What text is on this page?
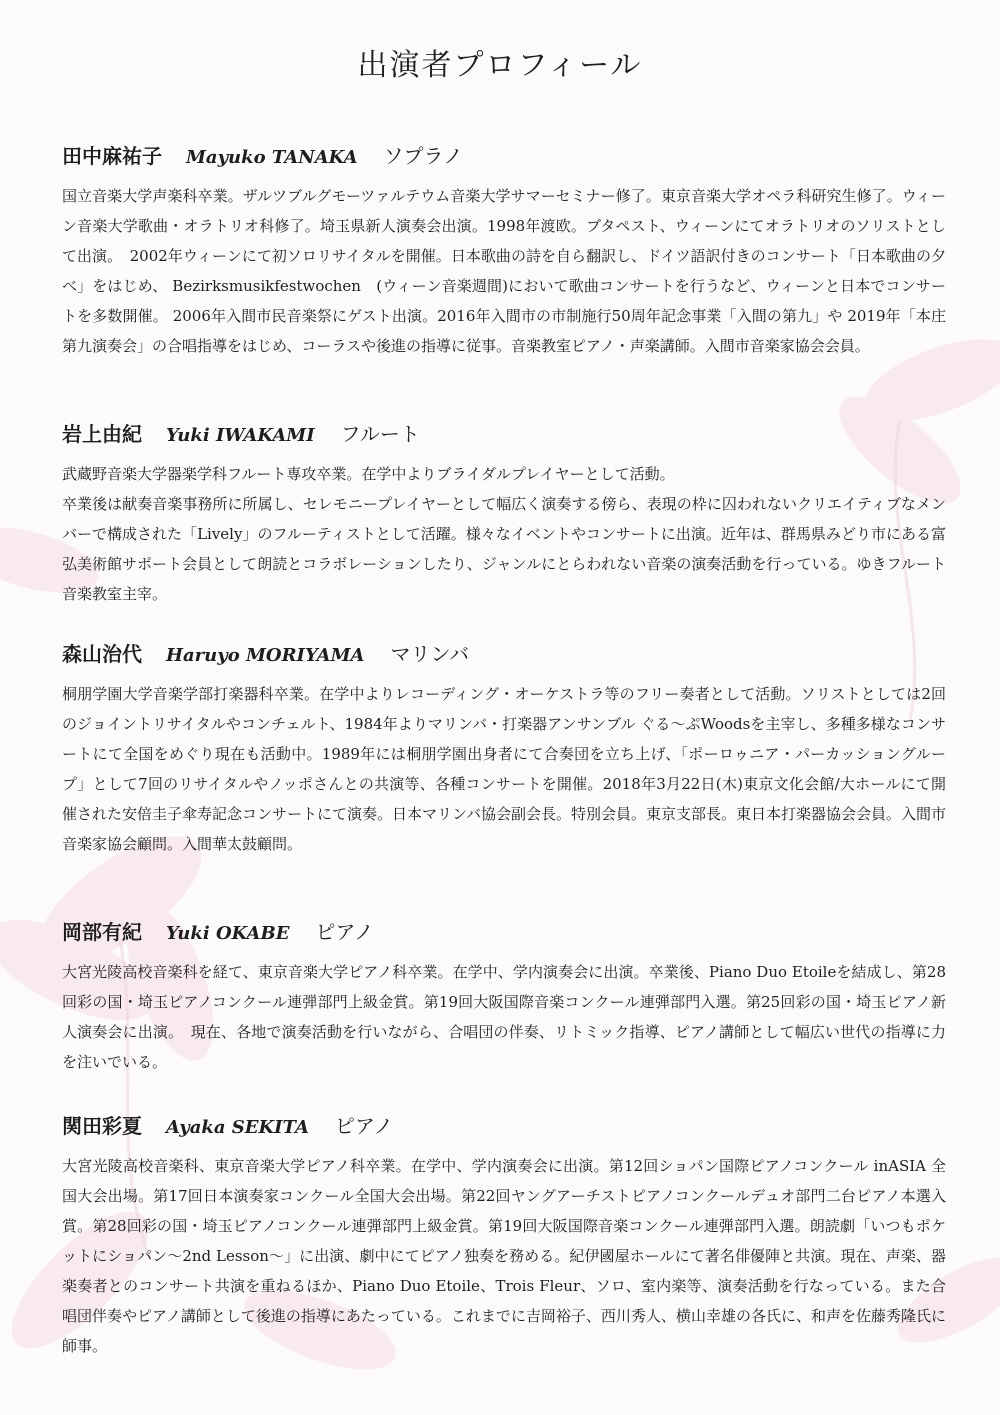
出演者プロフィール
田中麻祐子 Mayuko TANAKA ソプラノ

国立音楽大学声楽科卒業。ザルツブルグモーツァルテウム音楽大学サマーセミナー修了。東京音楽大学オペラ科研究生修了。ウィーン音楽大学歌曲・オラトリオ科修了。埼玉県新人演奏会出演。1998年渡欧。ブタペスト、ウィーンにてオラトリオのソリストとして出演。　2002年ウィーンにて初ソロリサイタルを開催。日本歌曲の詩を自ら翻訳し、ドイツ語訳付きのコンサート「日本歌曲の夕べ」をはじめ、 Bezirksmusikfestwochen　(ウィーン音楽週間)において歌曲コンサートを行うなど、ウィーンと日本でコンサートを多数開催。 2006年入間市民音楽祭にゲスト出演。2016年入間市の市制施行50周年記念事業「入間の第九」や 2019年「本庄第九演奏会」の合唱指導をはじめ、コーラスや後進の指導に従事。音楽教室ピアノ・声楽講師。入間市音楽家協会会員。

岩上由紀 Yuki IWAKAMI フルート

武蔵野音楽大学器楽学科フルート専攻卒業。在学中よりブライダルプレイヤーとして活動。
卒業後は献奏音楽事務所に所属し、セレモニープレイヤーとして幅広く演奏する傍ら、表現の枠に囚われないクリエイティブなメンバーで構成された「Lively」のフルーティストとして活躍。様々なイベントやコンサートに出演。近年は、群馬県みどり市にある富弘美術館サポート会員として朗読とコラボレーションしたり、ジャンルにとらわれない音楽の演奏活動を行っている。ゆきフルート音楽教室主宰。

森山治代 Haruyo MORIYAMA マリンバ

桐朋学園大学音楽学部打楽器科卒業。在学中よりレコーディング・オーケストラ等のフリー奏者として活動。ソリストとしては2回のジョイントリサイタルやコンチェルト、1984年よりマリンバ・打楽器アンサンブル ぐる～ぷWoodsを主宰し、多種多様なコンサートにて全国をめぐり現在も活動中。1989年には桐朋学園出身者にて合奏団を立ち上げ、「ポーロゥニア・パーカッショングループ」として7回のリサイタルやノッポさんとの共演等、各種コンサートを開催。2018年3月22日(木)東京文化会館/大ホールにて開催された安倍圭子傘寿記念コンサートにて演奏。日本マリンバ協会副会長。特別会員。東京支部長。東日本打楽器協会会員。入間市音楽家協会顧問。入間華太鼓顧問。

岡部有紀 Yuki OKABE ピアノ

大宮光陵高校音楽科を経て、東京音楽大学ピアノ科卒業。在学中、学内演奏会に出演。卒業後、Piano Duo Etoileを結成し、第28回彩の国・埼玉ピアノコンクール連弾部門上級金賞。第19回大阪国際音楽コンクール連弾部門入選。第25回彩の国・埼玉ピアノ新人演奏会に出演。　現在、各地で演奏活動を行いながら、合唱団の伴奏、リトミック指導、ピアノ講師として幅広い世代の指導に力を注いでいる。

関田彩夏 Ayaka SEKITA ピアノ

大宮光陵高校音楽科、東京音楽大学ピアノ科卒業。在学中、学内演奏会に出演。第12回ショパン国際ピアノコンクール inASIA 全国大会出場。第17回日本演奏家コンクール全国大会出場。第22回ヤングアーチストピアノコンクールデュオ部門二台ピアノ本選入賞。第28回彩の国・埼玉ピアノコンクール連弾部門上級金賞。第19回大阪国際音楽コンクール連弾部門入選。朗読劇「いつもポケットにショパン～2nd Lesson～」に出演、劇中にてピアノ独奏を務める。紀伊國屋ホールにて著名俳優陣と共演。現在、声楽、器楽奏者とのコンサート共演を重ねるほか、Piano Duo Etoile、Trois Fleur、ソロ、室内楽等、演奏活動を行なっている。また合唱団伴奏やピアノ講師として後進の指導にあたっている。これまでに吉岡裕子、西川秀人、横山幸雄の各氏に、和声を佐藤秀隆氏に師事。
